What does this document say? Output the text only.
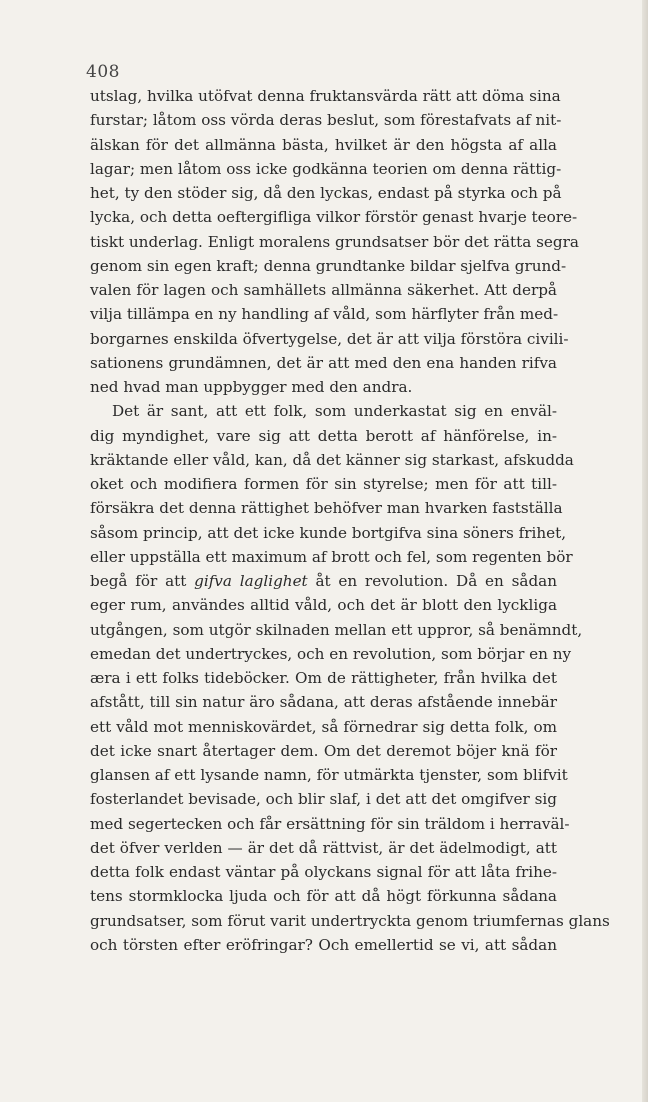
408
utslag, hvilka utöfvat denna fruktansvärda rätt att döma sina
furstar; låtom oss vörda deras beslut, som förestafvats af nit-
älskan för det allmänna bästa, hvilket är den högsta af alla
lagar; men låtom oss icke godkänna teorien om denna rättig-
het, ty den stöder sig, då den lyckas, endast på styrka och på
lycka, och detta oeftergifliga vilkor förstör genast hvarje teore-
tiskt underlag. Enligt moralens grundsatser bör det rätta segra
genom sin egen kraft; denna grundtanke bildar sjelfva grund-
valen för lagen och samhällets allmänna säkerhet. Att derpå
vilja tillämpa en ny handling af våld, som härflyter från med-
borgarnes enskilda öfvertygelse, det är att vilja förstöra civili-
sationens grundämnen, det är att med den ena handen rifva
ned hvad man uppbygger med den andra.
Det är sant, att ett folk, som underkastat sig en enväl-
dig myndighet, vare sig att detta berott af hänförelse, in-
kräktande eller våld, kan, då det känner sig starkast, afskudda
oket och modifiera formen för sin styrelse; men för att till-
försäkra det denna rättighet behöfver man hvarken fastställa
såsom princip, att det icke kunde bortgifva sina söners frihet,
eller uppställa ett maximum af brott och fel, som regenten bör
begå för att gifva laglighet åt en revolution. Då en sådan
eger rum, användes alltid våld, och det är blott den lyckliga
utgången, som utgör skilnaden mellan ett uppror, så benämndt,
emedan det undertryckes, och en revolution, som börjar en ny
æra i ett folks tideböcker. Om de rättigheter, från hvilka det
afstått, till sin natur äro sådana, att deras afstående innebär
ett våld mot menniskovärdet, så förnedrar sig detta folk, om
det icke snart återtager dem. Om det deremot böjer knä för
glansen af ett lysande namn, för utmärkta tjenster, som blifvit
fosterlandet bevisade, och blir slaf, i det att det omgifver sig
med segertecken och får ersättning för sin träldom i herraväl-
det öfver verlden — är det då rättvist, är det ädelmodigt, att
detta folk endast väntar på olyckans signal för att låta frihe-
tens stormklocka ljuda och för att då högt förkunna sådana
grundsatser, som förut varit undertryckta genom triumfernas glans
och törsten efter eröfringar? Och emellertid se vi, att sådan
